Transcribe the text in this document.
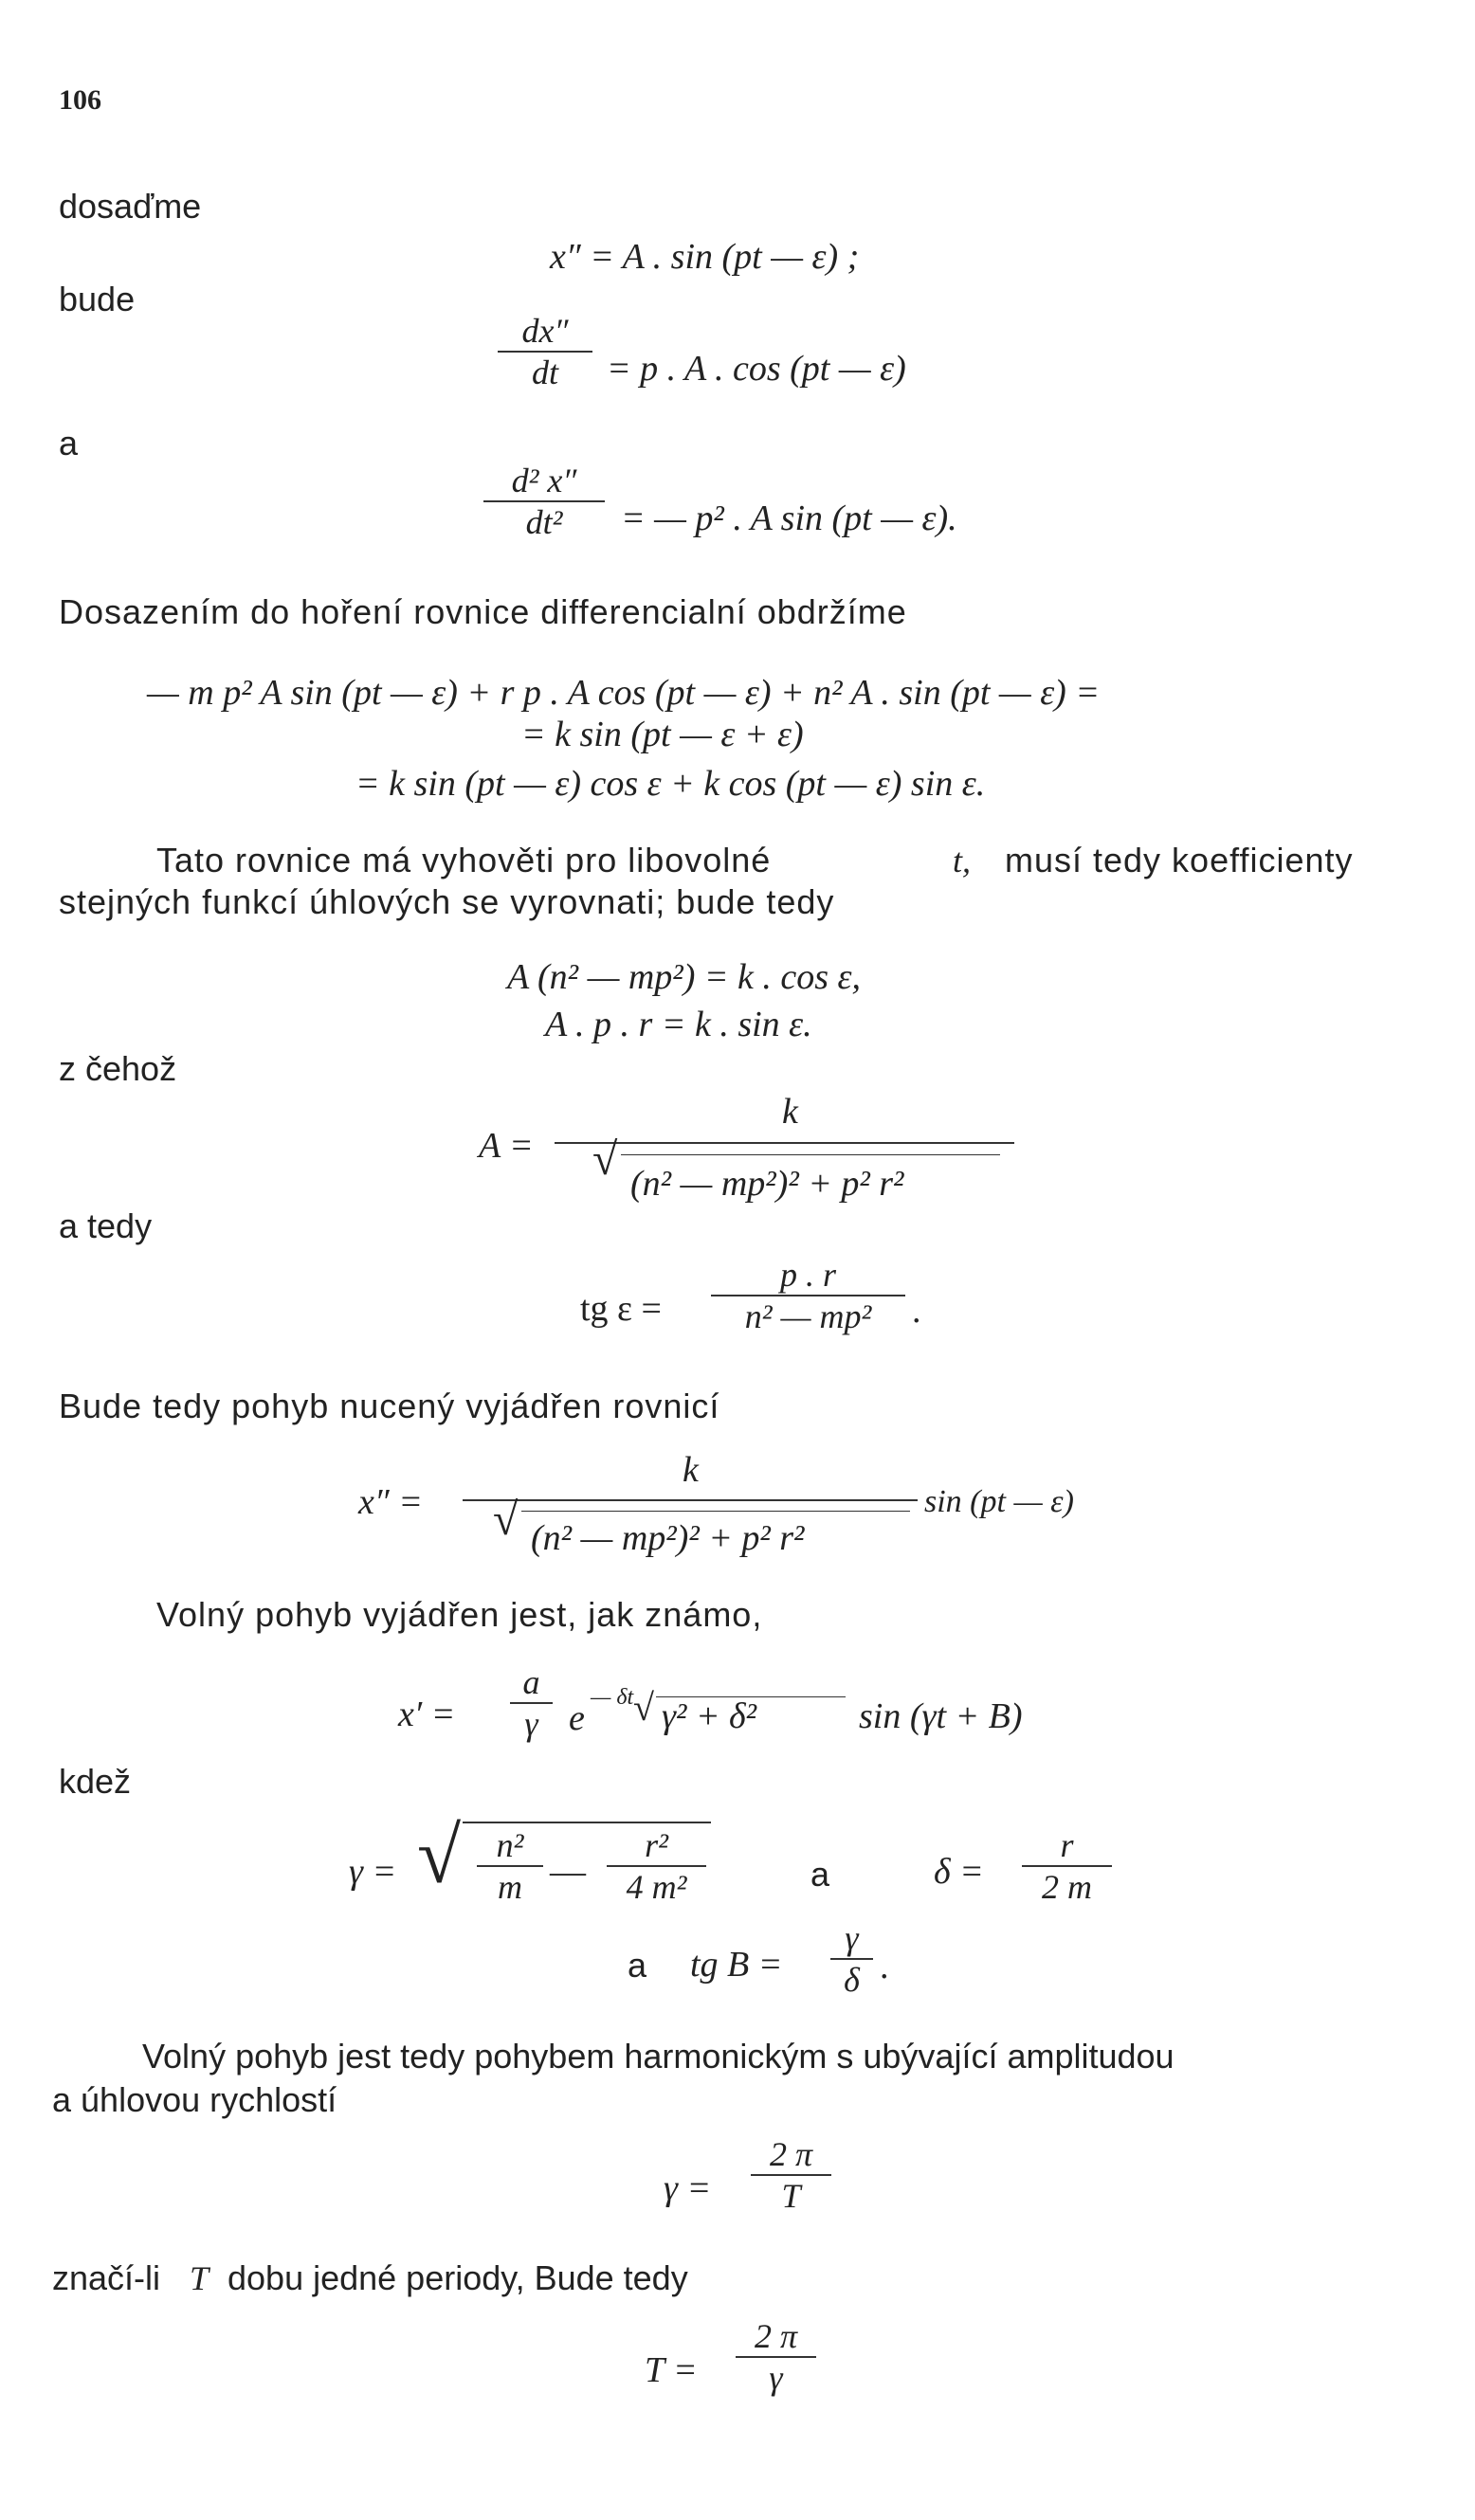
106
dosaďme
x″ = A . sin (pt — ε) ;
bude
dx″
dt = p . A . cos (pt — ε)
a
d² x″
dt² = — p² . A sin (pt — ε).
Dosazením do hoření rovnice differencialní obdržíme
— m p² A sin (pt — ε) + r p . A cos (pt — ε) + n² A . sin (pt — ε) =
= k sin (pt — ε + ε)
= k sin (pt — ε) cos ε + k cos (pt — ε) sin ε.
Tato rovnice má vyhověti pro libovolné	t, musí tedy koefficienty
stejných funkcí úhlových se vyrovnati; bude tedy
A (n² — mp²) = k . cos ε,
A . p . r = k . sin ε.
z čehož
A =
k
√ (n² — mp²)² + p² r²
a tedy
tg ε =
p . r
n² — mp² .
Bude tedy pohyb nucený vyjádřen rovnicí
x″ =
k
√ (n² — mp²)² + p² r²
sin (pt — ε)
Volný pohyb vyjádřen jest, jak známo,
x′ =
a
γ e
— δt √ γ² + δ²	sin (γt + B)
kdež
γ = √ n²
m —
r²
4 m²	a	δ =
r
2 m
a tg B =
γ
δ .
Volný pohyb jest tedy pohybem harmonickým s ubývající amplitudou
a úhlovou rychlostí
γ =
2 π
T
značí-li T dobu jedné periody, Bude tedy
T =
2 π
γ
